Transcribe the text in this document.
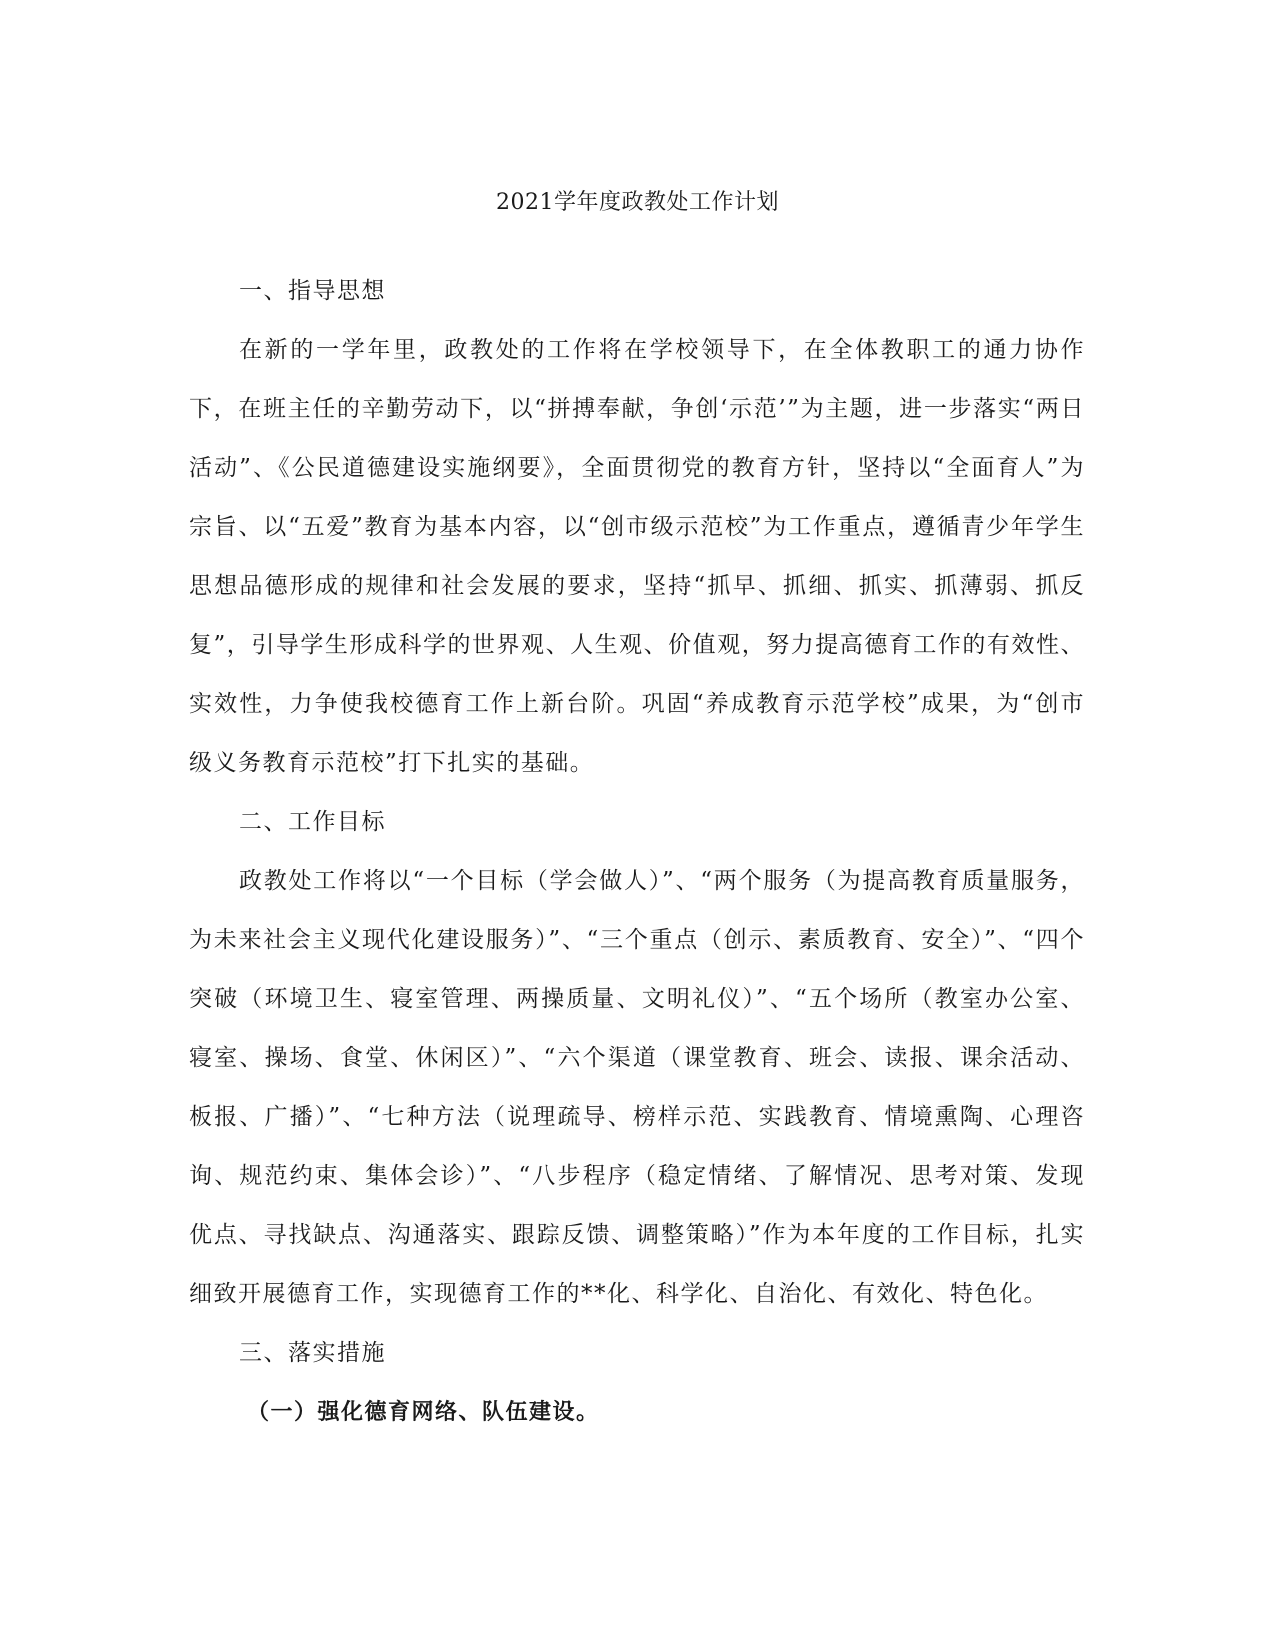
2021学年度政教处工作计划

一、指导思想

在新的一学年里，政教处的工作将在学校领导下，在全体教职工的通力协作下，在班主任的辛勤劳动下，以“拼搏奉献，争创‘示范’”为主题，进一步落实“两日活动”、《公民道德建设实施纲要》，全面贯彻党的教育方针，坚持以“全面育人”为宗旨、以“五爱”教育为基本内容，以“创市级示范校”为工作重点，遵循青少年学生思想品德形成的规律和社会发展的要求，坚持“抓早、抓细、抓实、抓薄弱、抓反复”，引导学生形成科学的世界观、人生观、价值观，努力提高德育工作的有效性、实效性，力争使我校德育工作上新台阶。巩固“养成教育示范学校”成果，为“创市级义务教育示范校”打下扎实的基础。

二、工作目标

政教处工作将以“一个目标（学会做人）”、“两个服务（为提高教育质量服务，为未来社会主义现代化建设服务）”、“三个重点（创示、素质教育、安全）”、“四个突破（环境卫生、寝室管理、两操质量、文明礼仪）”、“五个场所（教室办公室、寝室、操场、食堂、休闲区）”、“六个渠道（课堂教育、班会、读报、课余活动、板报、广播）”、“七种方法（说理疏导、榜样示范、实践教育、情境熏陶、心理咨询、规范约束、集体会诊）”、“八步程序（稳定情绪、了解情况、思考对策、发现优点、寻找缺点、沟通落实、跟踪反馈、调整策略）”作为本年度的工作目标，扎实细致开展德育工作，实现德育工作的**化、科学化、自治化、有效化、特色化。

三、落实措施

（一）强化德育网络、队伍建设。
